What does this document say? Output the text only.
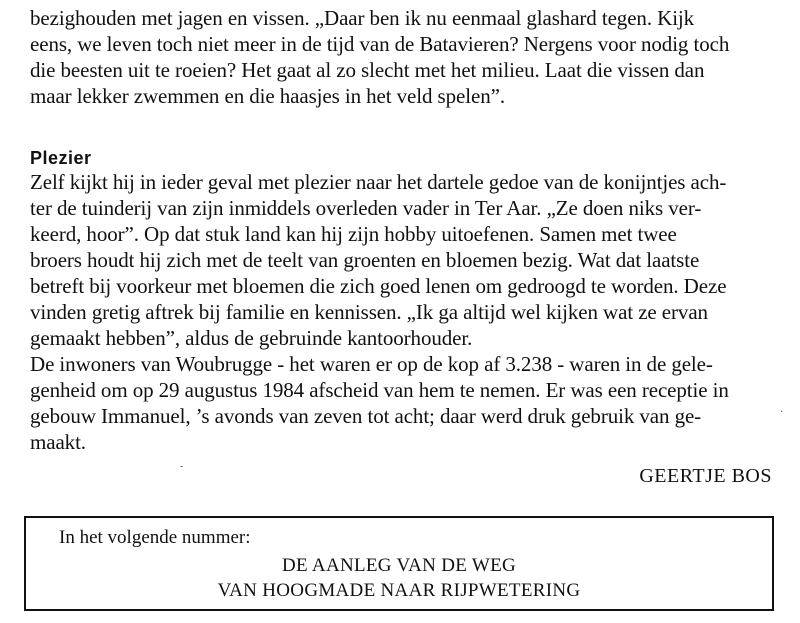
bezighouden met jagen en vissen. „Daar ben ik nu eenmaal glashard tegen. Kijk
eens, we leven toch niet meer in de tijd van de Batavieren? Nergens voor nodig toch
die beesten uit te roeien? Het gaat al zo slecht met het milieu. Laat die vissen dan
maar lekker zwemmen en die haasjes in het veld spelen”.
Plezier
Zelf kijkt hij in ieder geval met plezier naar het dartele gedoe van de konijntjes ach-
ter de tuinderij van zijn inmiddels overleden vader in Ter Aar. „Ze doen niks ver-
keerd, hoor”. Op dat stuk land kan hij zijn hobby uitoefenen. Samen met twee
broers houdt hij zich met de teelt van groenten en bloemen bezig. Wat dat laatste
betreft bij voorkeur met bloemen die zich goed lenen om gedroogd te worden. Deze
vinden gretig aftrek bij familie en kennissen. „Ik ga altijd wel kijken wat ze ervan
gemaakt hebben”, aldus de gebruinde kantoorhouder.
De inwoners van Woubrugge - het waren er op de kop af 3.238 - waren in de gele-
genheid om op 29 augustus 1984 afscheid van hem te nemen. Er was een receptie in
gebouw Immanuel, ’s avonds van zeven tot acht; daar werd druk gebruik van ge-
maakt.
GEERTJE BOS
-
·
In het volgende nummer:
DE AANLEG VAN DE WEG
VAN HOOGMADE NAAR RIJPWETERING
